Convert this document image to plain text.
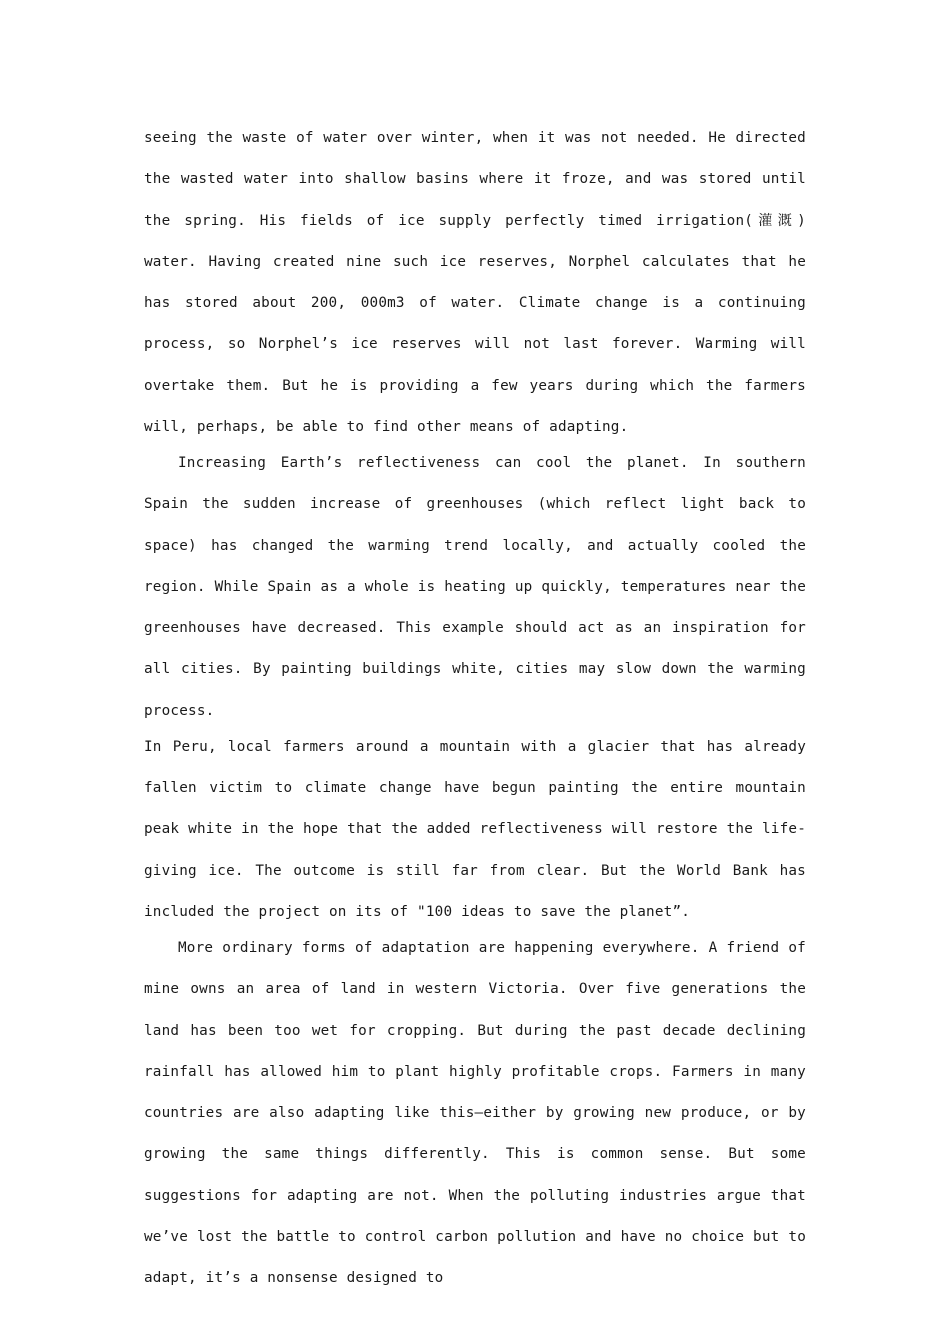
seeing the waste of water over winter, when it was not needed. He directed the wasted water into shallow basins where it froze, and was stored until the spring. His fields of ice supply perfectly timed irrigation(灌溉) water. Having created nine such ice reserves, Norphel calculates that he has stored about 200, 000m3 of water. Climate change is a continuing process, so Norphel’s ice reserves will not last forever. Warming will overtake them. But he is providing a few years during which the farmers will, perhaps, be able to find other means of adapting.

Increasing Earth’s reflectiveness can cool the planet. In southern Spain the sudden increase of greenhouses (which reflect light back to space) has changed the warming trend locally, and actually cooled the region. While Spain as a whole is heating up quickly, temperatures near the greenhouses have decreased. This example should act as an inspiration for all cities. By painting buildings white, cities may slow down the warming process.

In Peru, local farmers around a mountain with a glacier that has already fallen victim to climate change have begun painting the entire mountain peak white in the hope that the added reflectiveness will restore the life-giving ice. The outcome is still far from clear. But the World Bank has included the project on its of "100 ideas to save the planet”.

More ordinary forms of adaptation are happening everywhere. A friend of mine owns an area of land in western Victoria. Over five generations the land has been too wet for cropping. But during the past decade declining rainfall has allowed him to plant highly profitable crops. Farmers in many countries are also adapting like this—either by growing new produce, or by growing the same things differently. This is common sense. But some suggestions for adapting are not. When the polluting industries argue that we’ve lost the battle to control carbon pollution and have no choice but to adapt, it’s a nonsense designed to
